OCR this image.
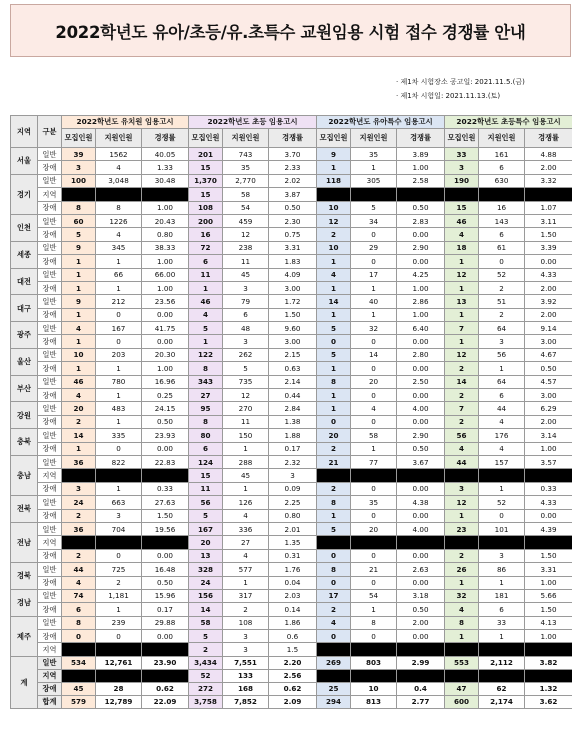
2022학년도 유아/초등/유.초특수 교원임용 시험 접수 경쟁률 안내
· 제1차 시험장소 공고일: 2021.11.5.(금)
· 제1차 시험일: 2021.11.13.(토)
지역	구분	2022학년도 유치원 임용고시			2022학년도 초등 임용고시			2022학년도 유아특수 임용고시			2022학년도 초등특수 임용고시		
		모집인원	지원인원	경쟁률	모집인원	지원인원	경쟁률	모집인원	지원인원	경쟁률	모집인원	지원인원	경쟁률
서울	일반	39	1562	40.05	201	743	3.70	9	35	3.89	33	161	4.88
	장애	3	4	1.33	15	35	2.33	1	1	1.00	3	6	2.00
경기	일반	100	3,048	30.48	1,370	2,770	2.02	118	305	2.58	190	630	3.32
	지역				15	58	3.87						
	장애	8	8	1.00	108	54	0.50	10	5	0.50	15	16	1.07
인천	일반	60	1226	20.43	200	459	2.30	12	34	2.83	46	143	3.11
	장애	5	4	0.80	16	12	0.75	2	0	0.00	4	6	1.50
세종	일반	9	345	38.33	72	238	3.31	10	29	2.90	18	61	3.39
	장애	1	1	1.00	6	11	1.83	1	0	0.00	1	0	0.00
대전	일반	1	66	66.00	11	45	4.09	4	17	4.25	12	52	4.33
	장애	1	1	1.00	1	3	3.00	1	1	1.00	1	2	2.00
대구	일반	9	212	23.56	46	79	1.72	14	40	2.86	13	51	3.92
	장애	1	0	0.00	4	6	1.50	1	1	1.00	1	2	2.00
광주	일반	4	167	41.75	5	48	9.60	5	32	6.40	7	64	9.14
	장애	1	0	0.00	1	3	3.00	0	0	0.00	1	3	3.00
울산	일반	10	203	20.30	122	262	2.15	5	14	2.80	12	56	4.67
	장애	1	1	1.00	8	5	0.63	1	0	0.00	2	1	0.50
부산	일반	46	780	16.96	343	735	2.14	8	20	2.50	14	64	4.57
	장애	4	1	0.25	27	12	0.44	1	0	0.00	2	6	3.00
강원	일반	20	483	24.15	95	270	2.84	1	4	4.00	7	44	6.29
	장애	2	1	0.50	8	11	1.38	0	0	0.00	2	4	2.00
충북	일반	14	335	23.93	80	150	1.88	20	58	2.90	56	176	3.14
	장애	1	0	0.00	6	1	0.17	2	1	0.50	4	4	1.00
충남	일반	36	822	22.83	124	288	2.32	21	77	3.67	44	157	3.57
	지역				15	45	3						
	장애	3	1	0.33	11	1	0.09	2	0	0.00	3	1	0.33
전북	일반	24	663	27.63	56	126	2.25	8	35	4.38	12	52	4.33
	장애	2	3	1.50	5	4	0.80	1	0	0.00	1	0	0.00
전남	일반	36	704	19.56	167	336	2.01	5	20	4.00	23	101	4.39
	지역				20	27	1.35						
	장애	2	0	0.00	13	4	0.31	0	0	0.00	2	3	1.50
경북	일반	44	725	16.48	328	577	1.76	8	21	2.63	26	86	3.31
	장애	4	2	0.50	24	1	0.04	0	0	0.00	1	1	1.00
경남	일반	74	1,181	15.96	156	317	2.03	17	54	3.18	32	181	5.66
	장애	6	1	0.17	14	2	0.14	2	1	0.50	4	6	1.50
제주	일반	8	239	29.88	58	108	1.86	4	8	2.00	8	33	4.13
	장애	0	0	0.00	5	3	0.6	0	0	0.00	1	1	1.00
	지역				2	3	1.5						
계	일반	534	12,761	23.90	3,434	7,551	2.20	269	803	2.99	553	2,112	3.82
	지역				52	133	2.56						
	장애	45	28	0.62	272	168	0.62	25	10	0.4	47	62	1.32
	합계	579	12,789	22.09	3,758	7,852	2.09	294	813	2.77	600	2,174	3.62
